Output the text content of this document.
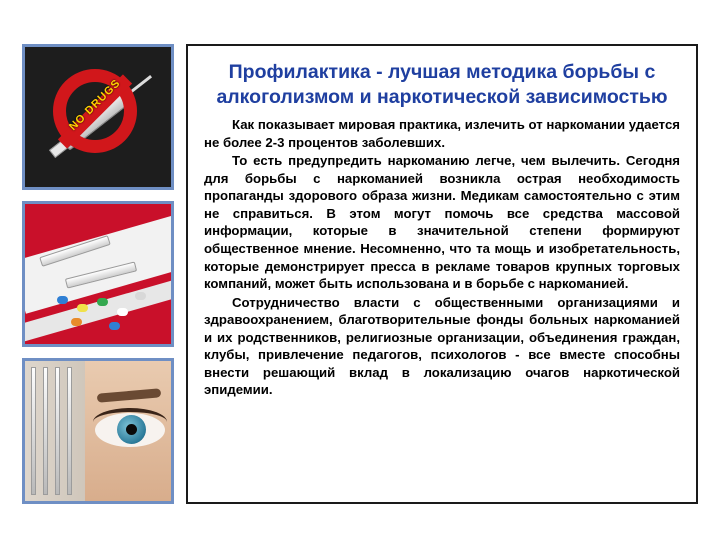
NO DRUGS
Профилактика - лучшая методика борьбы с алкоголизмом и наркотической зависимостью

Как показывает мировая практика, излечить от наркомании удается не более 2-3 процентов заболевших.

То есть предупредить наркоманию легче, чем вылечить. Сегодня для борьбы с наркоманией возникла острая необходимость пропаганды здорового образа жизни. Медикам самостоятельно с этим не справиться. В этом могут помочь все средства массовой информации, которые в значительной степени формируют общественное мнение. Несомненно, что та мощь и изобретательность, которые демонстрирует пресса в рекламе товаров крупных торговых компаний, может быть использована и в борьбе с наркоманией.

Сотрудничество власти с общественными организациями и здравоохранением, благотворительные фонды больных наркоманией и их родственников, религиозные организации, объединения граждан, клубы, привлечение педагогов, психологов - все вместе способны внести решающий вклад в локализацию очагов наркотической эпидемии.
